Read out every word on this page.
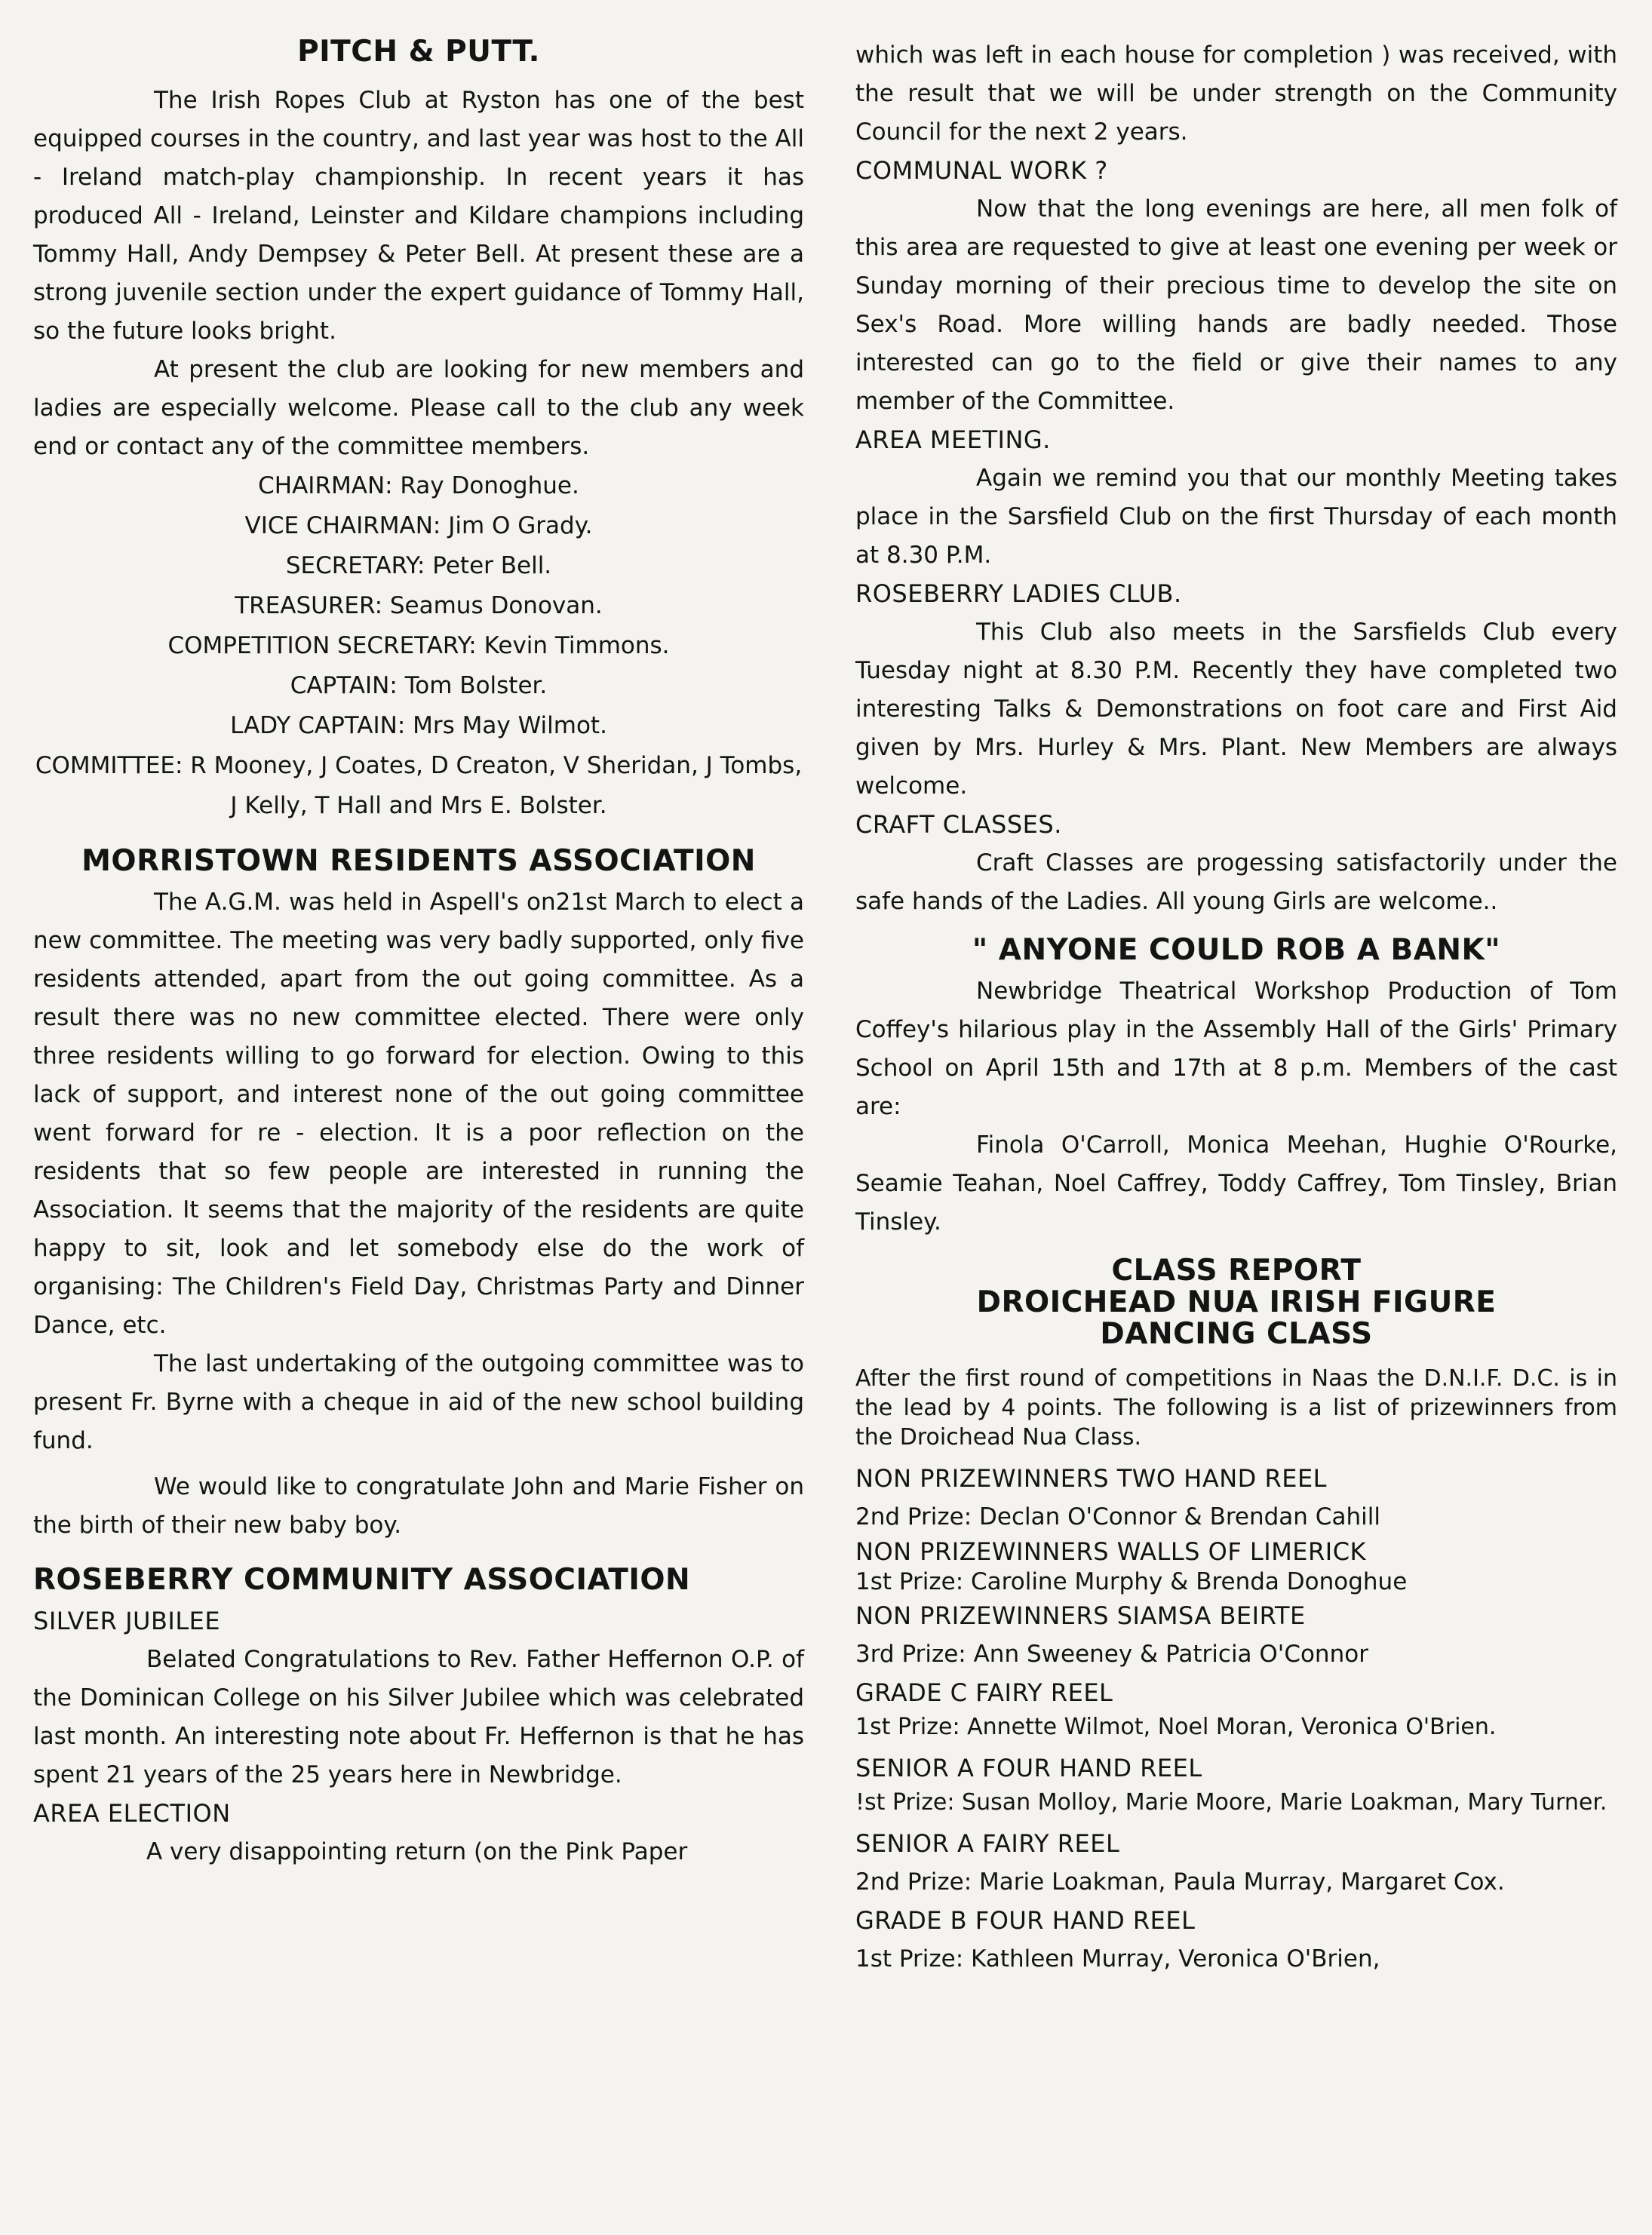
PITCH & PUTT.

The Irish Ropes Club at Ryston has one of the best equipped courses in the country, and last year was host to the All - Ireland match-play championship. In recent years it has produced All - Ireland, Leinster and Kildare champions including Tommy Hall, Andy Dempsey & Peter Bell. At present these are a strong juvenile section under the expert guidance of Tommy Hall, so the future looks bright.

At present the club are looking for new members and ladies are especially welcome. Please call to the club any week end or contact any of the committee members.

CHAIRMAN: Ray Donoghue.

VICE CHAIRMAN: Jim O Grady.

SECRETARY: Peter Bell.

TREASURER: Seamus Donovan.

COMPETITION SECRETARY: Kevin Timmons.

CAPTAIN: Tom Bolster.

LADY CAPTAIN: Mrs May Wilmot.

COMMITTEE: R Mooney, J Coates, D Creaton, V Sheridan, J Tombs, J Kelly, T Hall and Mrs E. Bolster.

MORRISTOWN RESIDENTS ASSOCIATION

The A.G.M. was held in Aspell's on21st March to elect a new committee. The meeting was very badly supported, only five residents attended, apart from the out going committee. As a result there was no new committee elected. There were only three residents willing to go forward for election. Owing to this lack of support, and interest none of the out going committee went forward for re - election. It is a poor reflection on the residents that so few people are interested in running the Association. It seems that the majority of the residents are quite happy to sit, look and let somebody else do the work of organising: The Children's Field Day, Christmas Party and Dinner Dance, etc.

The last undertaking of the outgoing committee was to present Fr. Byrne with a cheque in aid of the new school building fund.

We would like to congratulate John and Marie Fisher on the birth of their new baby boy.

ROSEBERRY COMMUNITY ASSOCIATION

SILVER JUBILEE

Belated Congratulations to Rev. Father Heffernon O.P. of the Dominican College on his Silver Jubilee which was celebrated last month. An interesting note about Fr. Heffernon is that he has spent 21 years of the 25 years here in Newbridge.

AREA ELECTION

A very disappointing return (on the Pink Paper

which was left in each house for completion ) was received, with the result that we will be under strength on the Community Council for the next 2 years.

COMMUNAL WORK ?

Now that the long evenings are here, all men folk of this area are requested to give at least one evening per week or Sunday morning of their precious time to develop the site on Sex's Road. More willing hands are badly needed. Those interested can go to the field or give their names to any member of the Committee.

AREA MEETING.

Again we remind you that our monthly Meeting takes place in the Sarsfield Club on the first Thursday of each month at 8.30 P.M.

ROSEBERRY LADIES CLUB.

This Club also meets in the Sarsfields Club every Tuesday night at 8.30 P.M. Recently they have completed two interesting Talks & Demonstrations on foot care and First Aid given by Mrs. Hurley & Mrs. Plant. New Members are always welcome.

CRAFT CLASSES.

Craft Classes are progessing satisfactorily under the safe hands of the Ladies. All young Girls are welcome..

" ANYONE COULD ROB A BANK"

Newbridge Theatrical Workshop Production of Tom Coffey's hilarious play in the Assembly Hall of the Girls' Primary School on April 15th and 17th at 8 p.m. Members of the cast are:

Finola O'Carroll, Monica Meehan, Hughie O'Rourke, Seamie Teahan, Noel Caffrey, Toddy Caffrey, Tom Tinsley, Brian Tinsley.

CLASS REPORT
DROICHEAD NUA IRISH FIGURE
DANCING CLASS

After the first round of competitions in Naas the D.N.I.F. D.C. is in the lead by 4 points. The following is a list of prizewinners from the Droichead Nua Class.

NON PRIZEWINNERS TWO HAND REEL

2nd Prize: Declan O'Connor & Brendan Cahill

NON PRIZEWINNERS WALLS OF LIMERICK

1st Prize: Caroline Murphy & Brenda Donoghue

NON PRIZEWINNERS SIAMSA BEIRTE

3rd Prize: Ann Sweeney & Patricia O'Connor

GRADE C FAIRY REEL

1st Prize: Annette Wilmot, Noel Moran, Veronica O'Brien.

SENIOR A FOUR HAND REEL

!st Prize: Susan Molloy, Marie Moore, Marie Loakman, Mary Turner.

SENIOR A FAIRY REEL

2nd Prize: Marie Loakman, Paula Murray, Margaret Cox.

GRADE B FOUR HAND REEL

1st Prize: Kathleen Murray, Veronica O'Brien,
